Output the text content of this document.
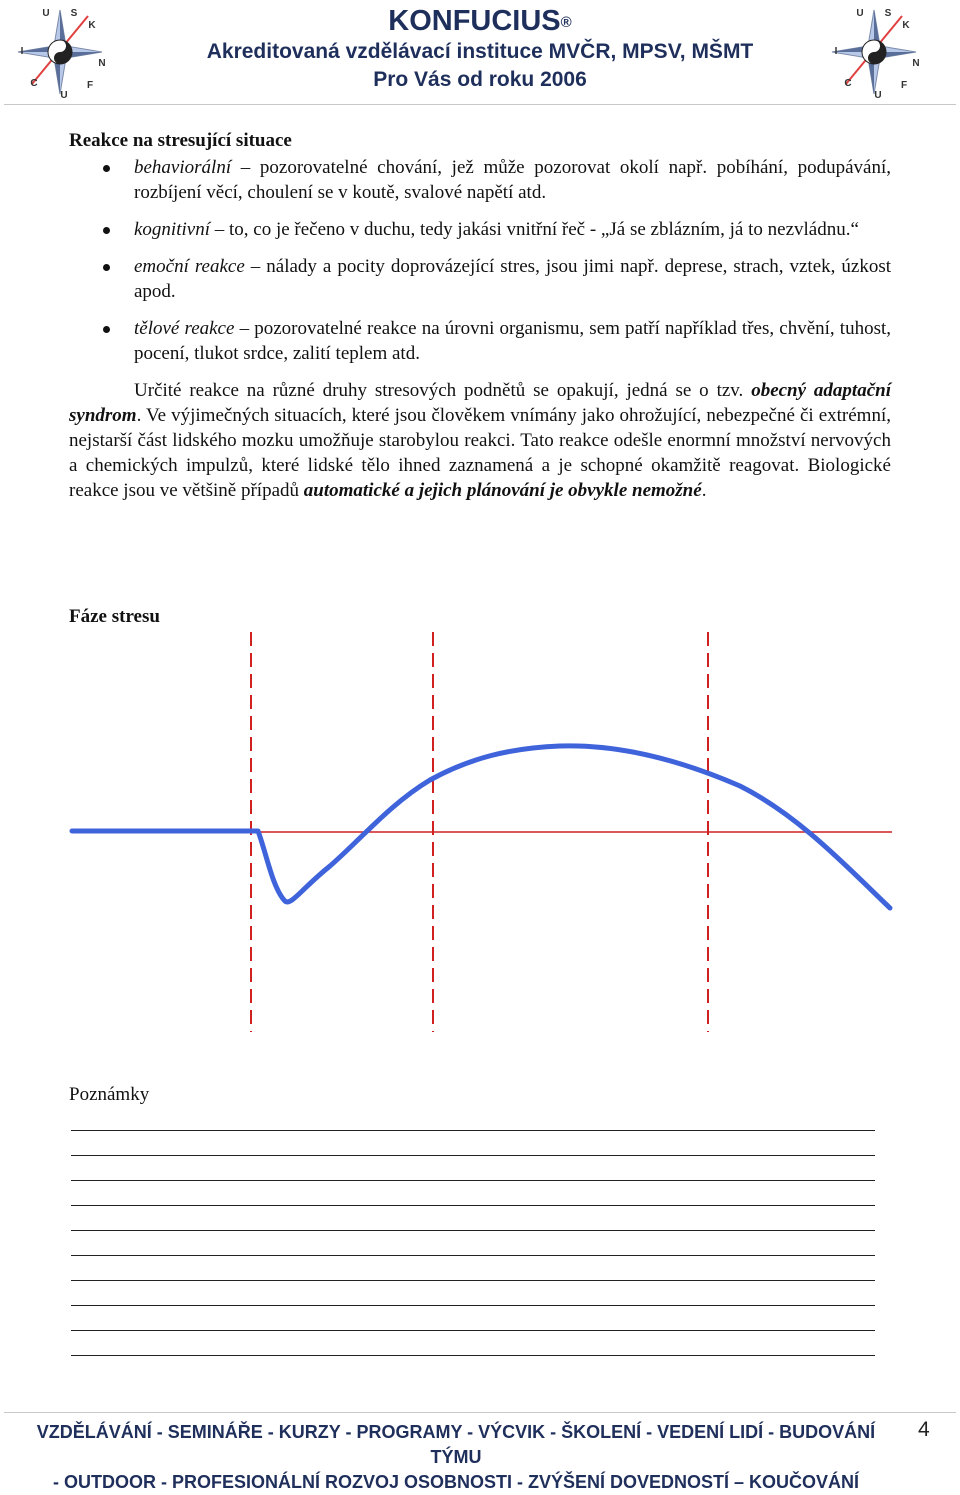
U S
K
N
F
U
C
I
KONFUCIUS®
Akreditovaná vzdělávací instituce MVČR, MPSV, MŠMT
Pro Vás od roku 2006
U S
K
N
F
U
C
I
Reakce na stresující situace
behaviorální – pozorovatelné chování, jež může pozorovat okolí např. pobíhání, podupávání, rozbíjení věcí, choulení se v koutě, svalové napětí atd.
kognitivní – to, co je řečeno v duchu, tedy jakási vnitřní řeč - „Já se zblázním, já to nezvládnu.“
emoční reakce – nálady a pocity doprovázející stres, jsou jimi např. deprese, strach, vztek, úzkost apod.
tělové reakce – pozorovatelné reakce na úrovni organismu, sem patří například třes, chvění, tuhost, pocení, tlukot srdce, zalití teplem atd.
Určité reakce na různé druhy stresových podnětů se opakují, jedná se o tzv. obecný adaptační syndrom. Ve výjimečných situacích, které jsou člověkem vnímány jako ohrožující, nebezpečné či extrémní, nejstarší část lidského mozku umožňuje starobylou reakci. Tato reakce odešle enormní množství nervových a chemických impulzů, které lidské tělo ihned zaznamená a je schopné okamžitě reagovat. Biologické reakce jsou ve většině případů automatické a jejich plánování je obvykle nemožné.
Fáze stresu
Poznámky
VZDĚLÁVÁNÍ - SEMINÁŘE - KURZY - PROGRAMY - VÝCVIK - ŠKOLENÍ - VEDENÍ LIDÍ - BUDOVÁNÍ TÝMU
- OUTDOOR - PROFESIONÁLNÍ ROZVOJ OSOBNOSTI - ZVÝŠENÍ DOVEDNOSTÍ – KOUČOVÁNÍ
4
